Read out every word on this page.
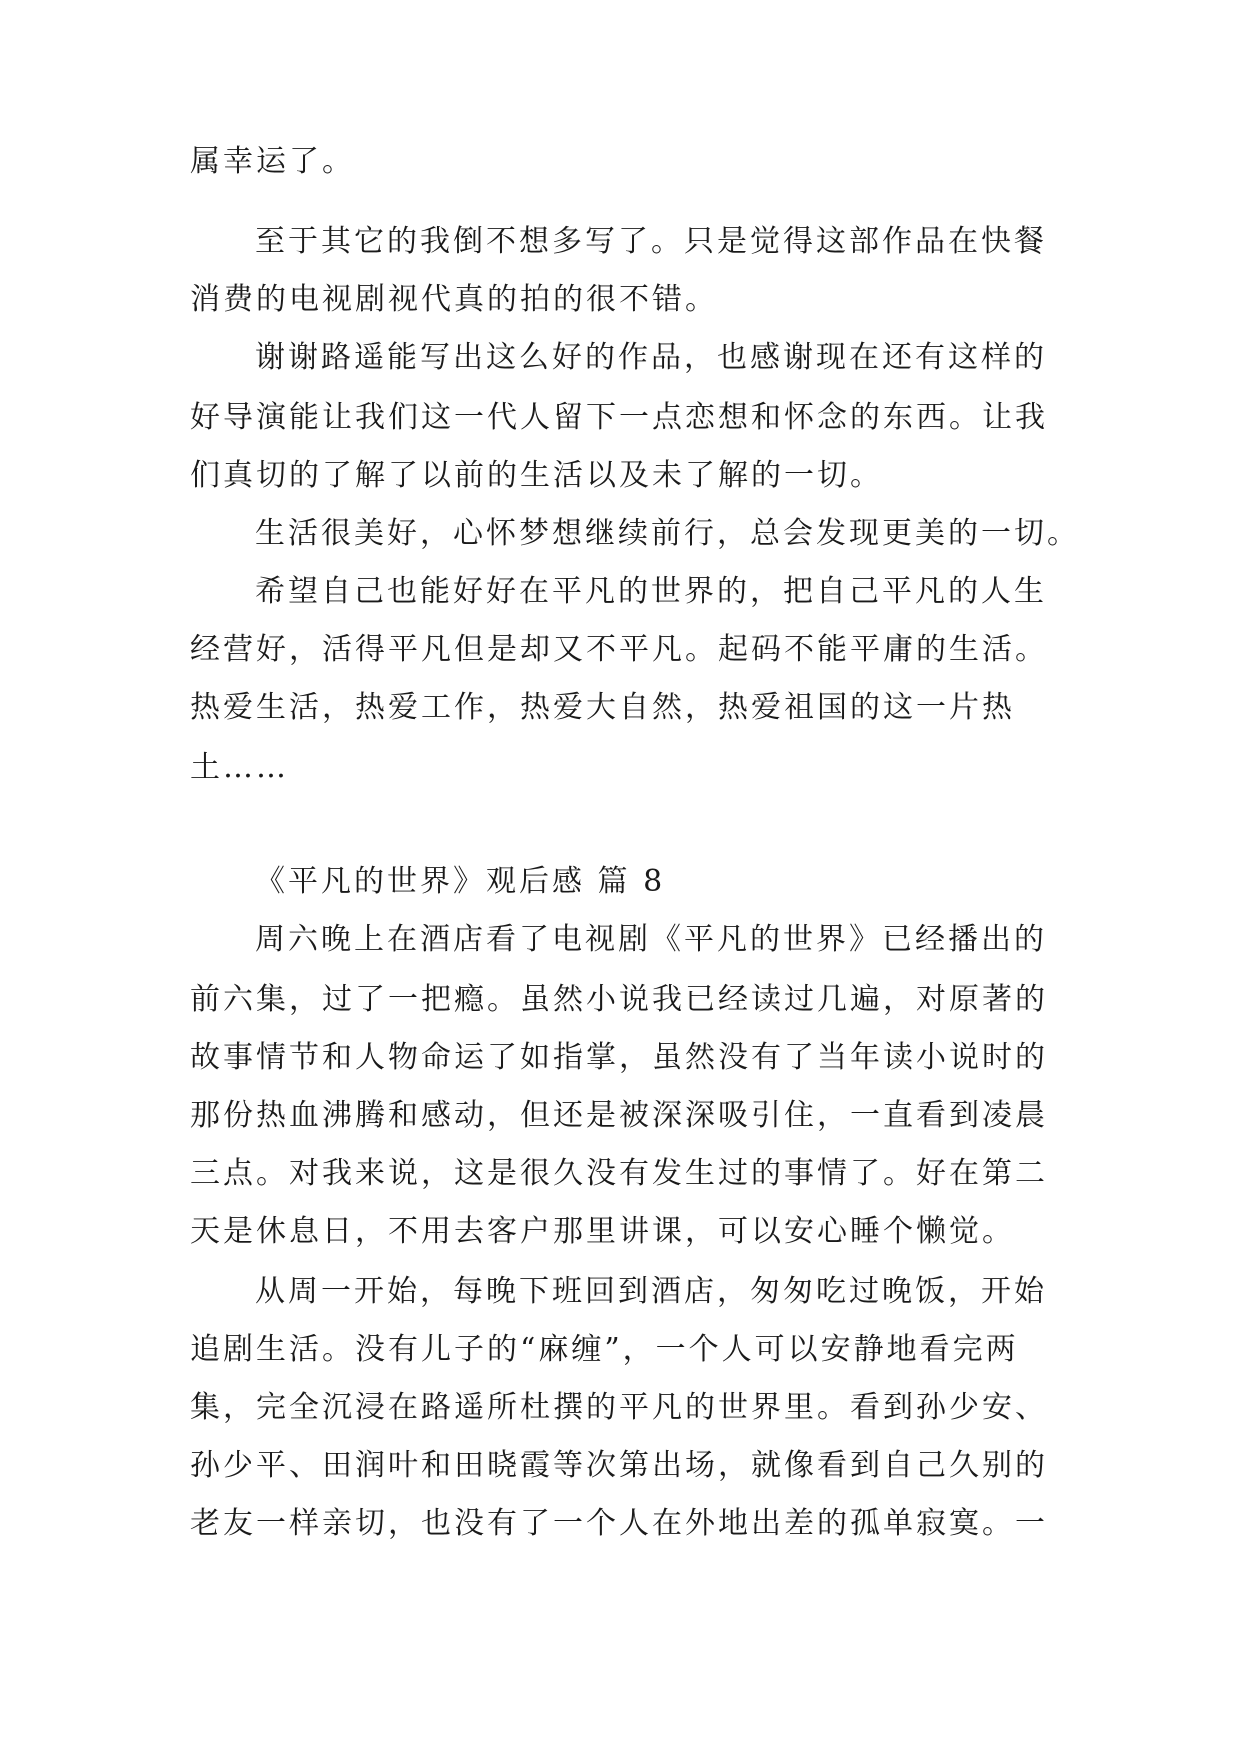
属幸运了。

至于其它的我倒不想多写了。只是觉得这部作品在快餐

消费的电视剧视代真的拍的很不错。

谢谢路遥能写出这么好的作品，也感谢现在还有这样的

好导演能让我们这一代人留下一点恋想和怀念的东西。让我

们真切的了解了以前的生活以及未了解的一切。

生活很美好，心怀梦想继续前行，总会发现更美的一切。

希望自己也能好好在平凡的世界的，把自己平凡的人生

经营好，活得平凡但是却又不平凡。起码不能平庸的生活。

热爱生活，热爱工作，热爱大自然，热爱祖国的这一片热

土……

《平凡的世界》观后感 篇 8

周六晚上在酒店看了电视剧《平凡的世界》已经播出的

前六集，过了一把瘾。虽然小说我已经读过几遍，对原著的

故事情节和人物命运了如指掌，虽然没有了当年读小说时的

那份热血沸腾和感动，但还是被深深吸引住，一直看到凌晨

三点。对我来说，这是很久没有发生过的事情了。好在第二

天是休息日，不用去客户那里讲课，可以安心睡个懒觉。

从周一开始，每晚下班回到酒店，匆匆吃过晚饭，开始

追剧生活。没有儿子的“麻缠”，一个人可以安静地看完两

集，完全沉浸在路遥所杜撰的平凡的世界里。看到孙少安、

孙少平、田润叶和田晓霞等次第出场，就像看到自己久别的

老友一样亲切，也没有了一个人在外地出差的孤单寂寞。一
